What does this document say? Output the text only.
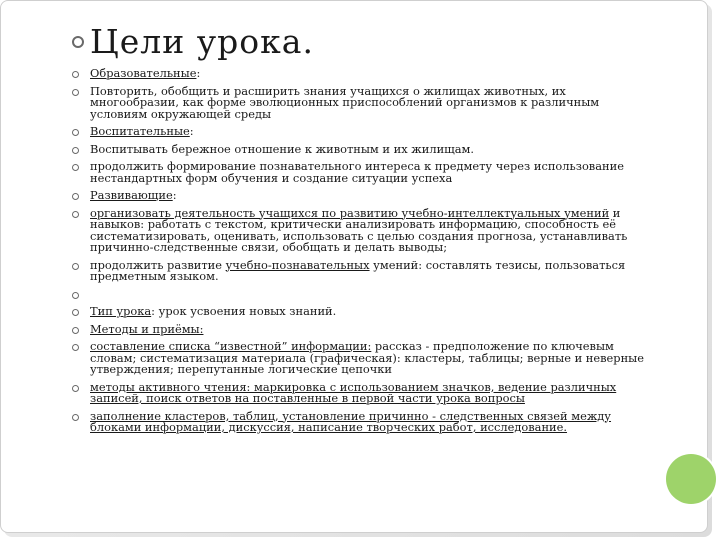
Цели урока.
Образовательные:
Повторить, обобщить и расширить знания учащихся о жилищах животных, их многообразии, как форме эволюционных приспособлений организмов к различным условиям окружающей среды
Воспитательные:
Воспитывать бережное отношение к животным и их жилищам.
продолжить формирование познавательного интереса к предмету через использование нестандартных форм обучения и создание ситуации успеха
Развивающие:
организовать деятельность учащихся по развитию учебно-интеллектуальных умений и навыков: работать с текстом, критически анализировать информацию, способность её систематизировать, оценивать, использовать с целью создания прогноза, устанавливать причинно-следственные связи, обобщать и делать выводы;
продолжить развитие учебно-познавательных умений: составлять тезисы, пользоваться предметным языком.
Тип урока: урок усвоения новых знаний.
Методы и приёмы:
составление списка “известной” информации: рассказ - предположение по ключевым словам; систематизация материала (графическая): кластеры, таблицы; верные и неверные утверждения; перепутанные логические цепочки
методы активного чтения: маркировка с использованием значков, ведение различных записей, поиск ответов на поставленные в первой части урока вопросы
заполнение кластеров, таблиц, установление причинно - следственных связей между блоками информации, дискуссия, написание творческих работ, исследование.
